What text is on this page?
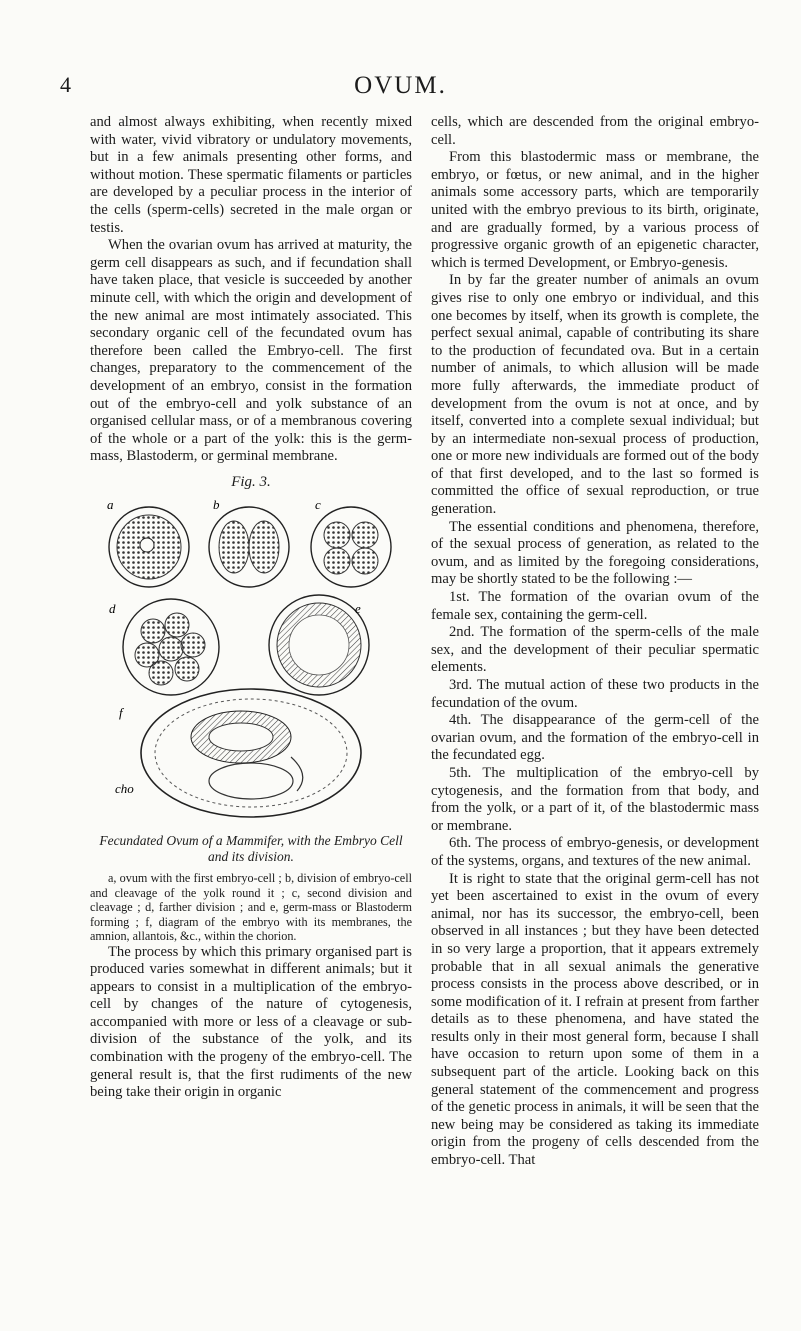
4	OVUM.

and almost always exhibiting, when recently mixed with water, vivid vibratory or undulatory movements, but in a few animals presenting other forms, and without motion. These spermatic filaments or particles are developed by a peculiar process in the interior of the cells (sperm-cells) secreted in the male organ or testis.

When the ovarian ovum has arrived at maturity, the germ cell disappears as such, and if fecundation shall have taken place, that vesicle is succeeded by another minute cell, with which the origin and development of the new animal are most intimately associated. This secondary organic cell of the fecundated ovum has therefore been called the Embryo-cell. The first changes, preparatory to the commencement of the development of an embryo, consist in the formation out of the embryo-cell and yolk substance of an organised cellular mass, or of a membranous covering of the whole or a part of the yolk: this is the germ-mass, Blastoderm, or germinal membrane.

Fig. 3.
a	b	c
d	e
f
cho
Fecundated Ovum of a Mammifer, with the Embryo Cell and its division.

a, ovum with the first embryo-cell ; b, division of embryo-cell and cleavage of the yolk round it ; c, second division and cleavage ; d, farther division ; and e, germ-mass or Blastoderm forming ; f, diagram of the embryo with its membranes, the amnion, allantois, &c., within the chorion.

The process by which this primary organised part is produced varies somewhat in different animals; but it appears to consist in a multiplication of the embryo-cell by changes of the nature of cytogenesis, accompanied with more or less of a cleavage or sub-division of the substance of the yolk, and its combination with the progeny of the embryo-cell. The general result is, that the first rudiments of the new being take their origin in organic

cells, which are descended from the original embryo-cell.

From this blastodermic mass or membrane, the embryo, or fœtus, or new animal, and in the higher animals some accessory parts, which are temporarily united with the embryo previous to its birth, originate, and are gradually formed, by a various process of progressive organic growth of an epigenetic character, which is termed Development, or Embryo-genesis.

In by far the greater number of animals an ovum gives rise to only one embryo or individual, and this one becomes by itself, when its growth is complete, the perfect sexual animal, capable of contributing its share to the production of fecundated ova. But in a certain number of animals, to which allusion will be made more fully afterwards, the immediate product of development from the ovum is not at once, and by itself, converted into a complete sexual individual; but by an intermediate non-sexual process of production, one or more new individuals are formed out of the body of that first developed, and to the last so formed is committed the office of sexual reproduction, or true generation.

The essential conditions and phenomena, therefore, of the sexual process of generation, as related to the ovum, and as limited by the foregoing considerations, may be shortly stated to be the following :—

1st. The formation of the ovarian ovum of the female sex, containing the germ-cell.

2nd. The formation of the sperm-cells of the male sex, and the development of their peculiar spermatic elements.

3rd. The mutual action of these two products in the fecundation of the ovum.

4th. The disappearance of the germ-cell of the ovarian ovum, and the formation of the embryo-cell in the fecundated egg.

5th. The multiplication of the embryo-cell by cytogenesis, and the formation from that body, and from the yolk, or a part of it, of the blastodermic mass or membrane.

6th. The process of embryo-genesis, or development of the systems, organs, and textures of the new animal.

It is right to state that the original germ-cell has not yet been ascertained to exist in the ovum of every animal, nor has its successor, the embryo-cell, been observed in all instances ; but they have been detected in so very large a proportion, that it appears extremely probable that in all sexual animals the generative process consists in the process above described, or in some modification of it. I refrain at present from farther details as to these phenomena, and have stated the results only in their most general form, because I shall have occasion to return upon some of them in a subsequent part of the article. Looking back on this general statement of the commencement and progress of the genetic process in animals, it will be seen that the new being may be considered as taking its immediate origin from the progeny of cells descended from the embryo-cell. That
